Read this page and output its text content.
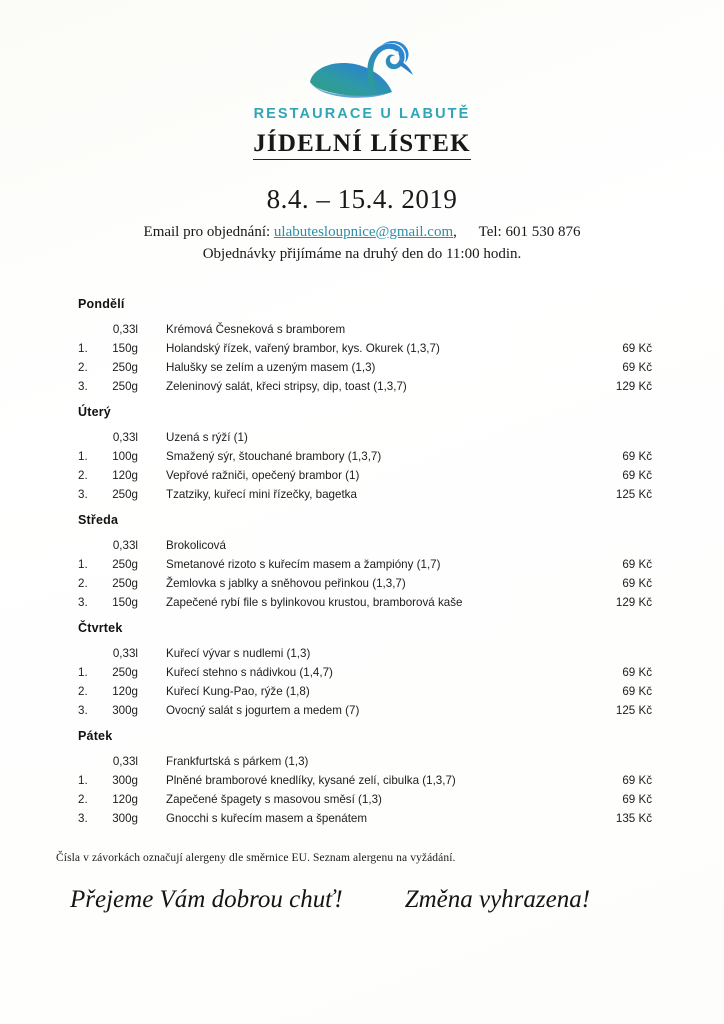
RESTAURACE U LABUTĚ
JÍDELNÍ LÍSTEK
8.4. – 15.4. 2019
Email pro objednání: ulabutesloupnice@gmail.com, Tel: 601 530 876
Objednávky přijímáme na druhý den do 11:00 hodin.
Pondělí
0,33l Krémová Česneková s bramborem
1.	150g Holandský řízek, vařený brambor, kys. Okurek (1,3,7)	69 Kč
2.	250g Halušky se zelím a uzeným masem (1,3)	69 Kč
3.	250g Zeleninový salát, křeci stripsy, dip, toast (1,3,7)	129 Kč
Úterý
0,33l Uzená s rýží (1)
1.	100g Smažený sýr, štouchané brambory (1,3,7)	69 Kč
2.	120g Vepřové ražniči, opečený brambor (1)	69 Kč
3.	250g Tzatziky, kuřecí mini řízečky, bagetka	125 Kč
Středa
0,33l Brokolicová
1.	250g Smetanové rizoto s kuřecím masem a žampióny (1,7)	69 Kč
2.	250g Žemlovka s jablky a sněhovou peřinkou (1,3,7)	69 Kč
3.	150g Zapečené rybí file s bylinkovou krustou, bramborová kaše	129 Kč
Čtvrtek
0,33l Kuřecí vývar s nudlemi (1,3)
1.	250g Kuřecí stehno s nádivkou (1,4,7)	69 Kč
2.	120g Kuřecí Kung-Pao, rýže (1,8)	69 Kč
3.	300g Ovocný salát s jogurtem a medem (7)	125 Kč
Pátek
0,33l Frankfurtská s párkem (1,3)
1.	300g Plněné bramborové knedlíky, kysané zelí, cibulka (1,3,7)	69 Kč
2.	120g Zapečené špagety s masovou směsí (1,3)	69 Kč
3.	300g Gnocchi s kuřecím masem a špenátem	135 Kč
Čísla v závorkách označují alergeny dle směrnice EU. Seznam alergenu na vyžádání.
Přejeme Vám dobrou chuť! Změna vyhrazena!
